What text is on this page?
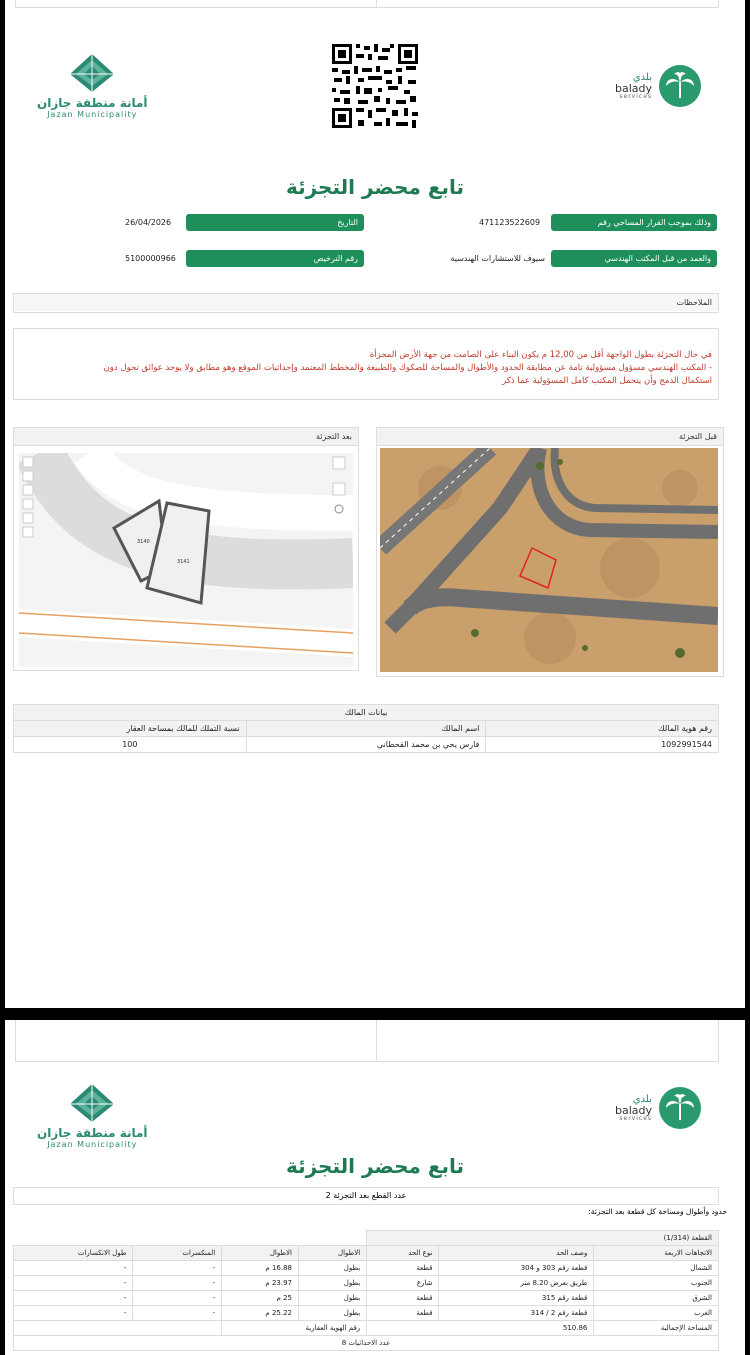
أمانة منطقة جازان
Jazan Municipality
بلدي
balady
services
تابع محضر التجزئة
وذلك بموجب القرار المساحي رقم
471123522609
التاريخ
26/04/2026
والعمد من قبل المكتب الهندسي
سيوف للاستشارات الهندسية
رقم الترخيص
5100000966
الملاحظات
في حال التجزئة بطول الواجهة أقل من 12,00 م يكون البناء على الصامت من جهة الأرض المجزأة
- المكتب الهندسي مسؤول مسؤولية تامة عن مطابقة الحدود والأطوال والمساحة للصكوك والطبيعة والمخطط المعتمد وإحداثيات الموقع وهو مطابق ولا يوجد عوائق تحول دون
استكمال الدمج وأن يتحمل المكتب كامل المسؤولية عما ذكر
قبل التجزئة
بعد التجزئة
3140
3141
بيانات المالك		
رقم هوية المالك	اسم المالك	نسبة التملك للمالك بمساحة العقار
1092991544	فارس يحي بن محمد القحطاني	100
أمانة منطقة جازان
Jazan Municipality
بلدي
balady
services
تابع محضر التجزئة
عدد القطع بعد التجزئة 2
حدود وأطوال ومساحة كل قطعة بعد التجزئة:
القطعة (1/314)						
الاتجاهات الاربعة	وصف الحد	نوع الحد	الاطوال	الاطوال	المنكسرات	طول الانكسارات
الشمال	قطعة رقم 303 و 304	قطعة	بطول	16.88 م	-	-
الجنوب	طريق بعرض 8.20 متر	شارع	بطول	23.97 م	-	-
الشرق	قطعة رقم 315	قطعة	بطول	25 م	-	-
الغرب	قطعة رقم 2 / 314	قطعة	بطول	25.22 م	-	-
المساحة الإجمالية	510.86		رقم الهوية العقارية			
عدد الاحداثيات 8						
